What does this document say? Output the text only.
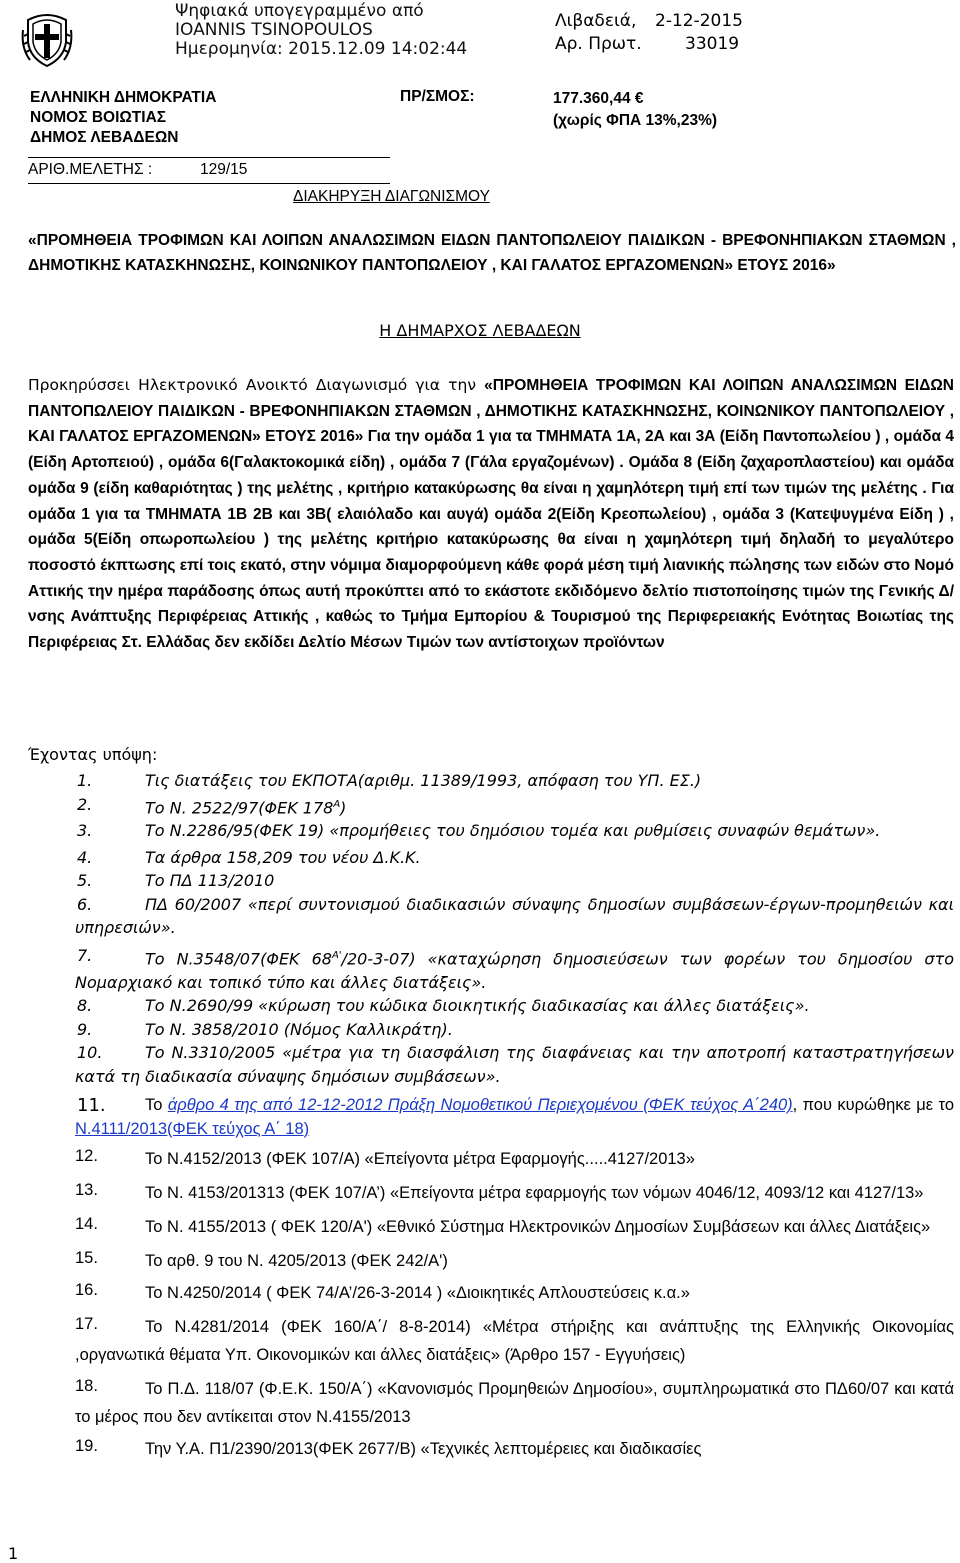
Ψηφιακά υπογεγραμμένο από
IOANNIS TSINOPOULOS
Ημερομηνία: 2015.12.09 14:02:44
Λιβαδειά, 2-12-2015
Αρ. Πρωτ.	33019
ΕΛΛΗΝΙΚΗ ΔΗΜΟΚΡΑΤΙΑ
ΝΟΜΟΣ ΒΟΙΩΤΙΑΣ
ΔΗΜΟΣ ΛΕΒΑΔΕΩΝ
ΠΡ/ΣΜΟΣ:	177.360,44 €
(χωρίς ΦΠΑ 13%,23%)
ΑΡΙΘ.ΜΕΛΕΤΗΣ :	129/15
ΔΙΑΚΗΡΥΞΗ ΔΙΑΓΩΝΙΣΜΟΥ
«ΠΡΟΜΗΘΕΙΑ ΤΡΟΦΙΜΩΝ ΚΑΙ ΛΟΙΠΩΝ ΑΝΑΛΩΣΙΜΩΝ ΕΙΔΩΝ ΠΑΝΤΟΠΩΛΕΙΟΥ ΠΑΙΔΙΚΩΝ - ΒΡΕΦΟΝΗΠΙΑΚΩΝ ΣΤΑΘΜΩΝ , ΔΗΜΟΤΙΚΗΣ ΚΑΤΑΣΚΗΝΩΣΗΣ, ΚΟΙΝΩΝΙΚΟΥ ΠΑΝΤΟΠΩΛΕΙΟΥ , ΚΑΙ ΓΑΛΑΤΟΣ ΕΡΓΑΖΟΜΕΝΩΝ» ΕΤΟΥΣ 2016»
Η ΔΗΜΑΡΧΟΣ ΛΕΒΑΔΕΩΝ
Προκηρύσσει Ηλεκτρονικό Ανοικτό Διαγωνισμό για την «ΠΡΟΜΗΘΕΙΑ ΤΡΟΦΙΜΩΝ ΚΑΙ ΛΟΙΠΩΝ ΑΝΑΛΩΣΙΜΩΝ ΕΙΔΩΝ ΠΑΝΤΟΠΩΛΕΙΟΥ ΠΑΙΔΙΚΩΝ - ΒΡΕΦΟΝΗΠΙΑΚΩΝ ΣΤΑΘΜΩΝ , ΔΗΜΟΤΙΚΗΣ ΚΑΤΑΣΚΗΝΩΣΗΣ, ΚΟΙΝΩΝΙΚΟΥ ΠΑΝΤΟΠΩΛΕΙΟΥ , ΚΑΙ ΓΑΛΑΤΟΣ ΕΡΓΑΖΟΜΕΝΩΝ» ΕΤΟΥΣ 2016» Για την ομάδα 1 για τα ΤΜΗΜΑΤΑ 1Α, 2Α και 3Α (Είδη Παντοπωλείου ) , ομάδα 4 (Είδη Αρτοπειού) , ομάδα 6(Γαλακτοκομικά είδη) , ομάδα 7 (Γάλα εργαζομένων) . Ομάδα 8 (Είδη ζαχαροπλαστείου) και ομάδα ομάδα 9 (είδη καθαριότητας ) της μελέτης , κριτήριο κατακύρωσης θα είναι η χαμηλότερη τιμή επί των τιμών της μελέτης . Για ομάδα 1 για τα ΤΜΗΜΑΤΑ 1Β 2Β και 3Β( ελαιόλαδο και αυγά) ομάδα 2(Είδη Κρεοπωλείου) , ομάδα 3 (Κατεψυγμένα Είδη ) , ομάδα 5(Είδη οπωροπωλείου ) της μελέτης κριτήριο κατακύρωσης θα είναι η χαμηλότερη τιμή δηλαδή το μεγαλύτερο ποσοστό έκπτωσης επί τοις εκατό, στην νόμιμα διαμορφούμενη κάθε φορά μέση τιμή λιανικής πώλησης των ειδών στο Νομό Αττικής την ημέρα παράδοσης όπως αυτή προκύπτει από το εκάστοτε εκδιδόμενο δελτίο πιστοποίησης τιμών της Γενικής Δ/νσης Ανάπτυξης Περιφέρειας Αττικής , καθώς το Τμήμα Εμπορίου & Τουρισμού της Περιφερειακής Ενότητας Βοιωτίας της Περιφέρειας Στ. Ελλάδας δεν εκδίδει Δελτίο Μέσων Τιμών των αντίστοιχων προϊόντων
Έχοντας υπόψη:
1.	Τις διατάξεις του ΕΚΠΟΤΑ(αριθμ. 11389/1993, απόφαση του ΥΠ. ΕΣ.)
2.	Το Ν. 2522/97(ΦΕΚ $178^A$)
3.	Το Ν.2286/95(ΦΕΚ 19) «προμήθειες του δημόσιου τομέα και ρυθμίσεις συναφών θεμάτων».
4.	Τα άρθρα 158,209 του νέου Δ.Κ.Κ.
5.	Το ΠΔ 113/2010
6.	ΠΔ 60/2007 «περί συντονισμού διαδικασιών σύναψης δημοσίων συμβάσεων-έργων-προμηθειών και υπηρεσιών».
7.	Το Ν.3548/07(ΦΕΚ $68^{A'}/20-3-07$) «καταχώρηση δημοσιεύσεων των φορέων του δημοσίου στο Νομαρχιακό και τοπικό τύπο και άλλες διατάξεις».
8.	Το Ν.2690/99 «κύρωση του κώδικα διοικητικής διαδικασίας και άλλες διατάξεις».
9.	Το Ν. 3858/2010 (Νόμος Καλλικράτη).
10.	Το Ν.3310/2005 «μέτρα για τη διασφάλιση της διαφάνειας και την αποτροπή καταστρατηγήσεων κατά τη διαδικασία σύναψης δημόσιων συμβάσεων».
11.	Το άρθρο 4 της από 12-12-2012 Πράξη Νομοθετικού Περιεχομένου (ΦΕΚ τεύχος Α΄240), που κυρώθηκε με το Ν.4111/2013(ΦΕΚ τεύχος Α΄ 18)
12.	Το Ν.4152/2013 (ΦΕΚ 107/Α) «Επείγοντα μέτρα Εφαρμογής.....4127/2013»
13.	Το Ν. 4153/201313 (ΦΕΚ 107/Α’) «Επείγοντα μέτρα εφαρμογής των νόμων 4046/12, 4093/12 και 4127/13»
14.	Το Ν. 4155/2013 ( ΦΕΚ 120/Α') «Εθνικό Σύστημα Ηλεκτρονικών Δημοσίων Συμβάσεων και άλλες Διατάξεις»
15.	Το αρθ. 9 του Ν. 4205/2013 (ΦΕΚ 242/Α')
16.	Το Ν.4250/2014 ( ΦΕΚ 74/Α’/26-3-2014 ) «Διοικητικές Απλουστεύσεις κ.α.»
17.	Το Ν.4281/2014 (ΦΕΚ 160/Α΄/ 8-8-2014) «Μέτρα στήριξης και ανάπτυξης της Ελληνικής Οικονομίας ,οργανωτικά θέματα Υπ. Οικονομικών και άλλες διατάξεις» (Άρθρο 157 - Εγγυήσεις)
18.	Το Π.Δ. 118/07 (Φ.Ε.Κ. 150/Α΄) «Κανονισμός Προμηθειών Δημοσίου», συμπληρωματικά στο ΠΔ60/07 και κατά το μέρος που δεν αντίκειται στον Ν.4155/2013
19.	Την Υ.Α. Π1/2390/2013(ΦΕΚ 2677/Β) «Τεχνικές λεπτομέρειες και διαδικασίες
1
